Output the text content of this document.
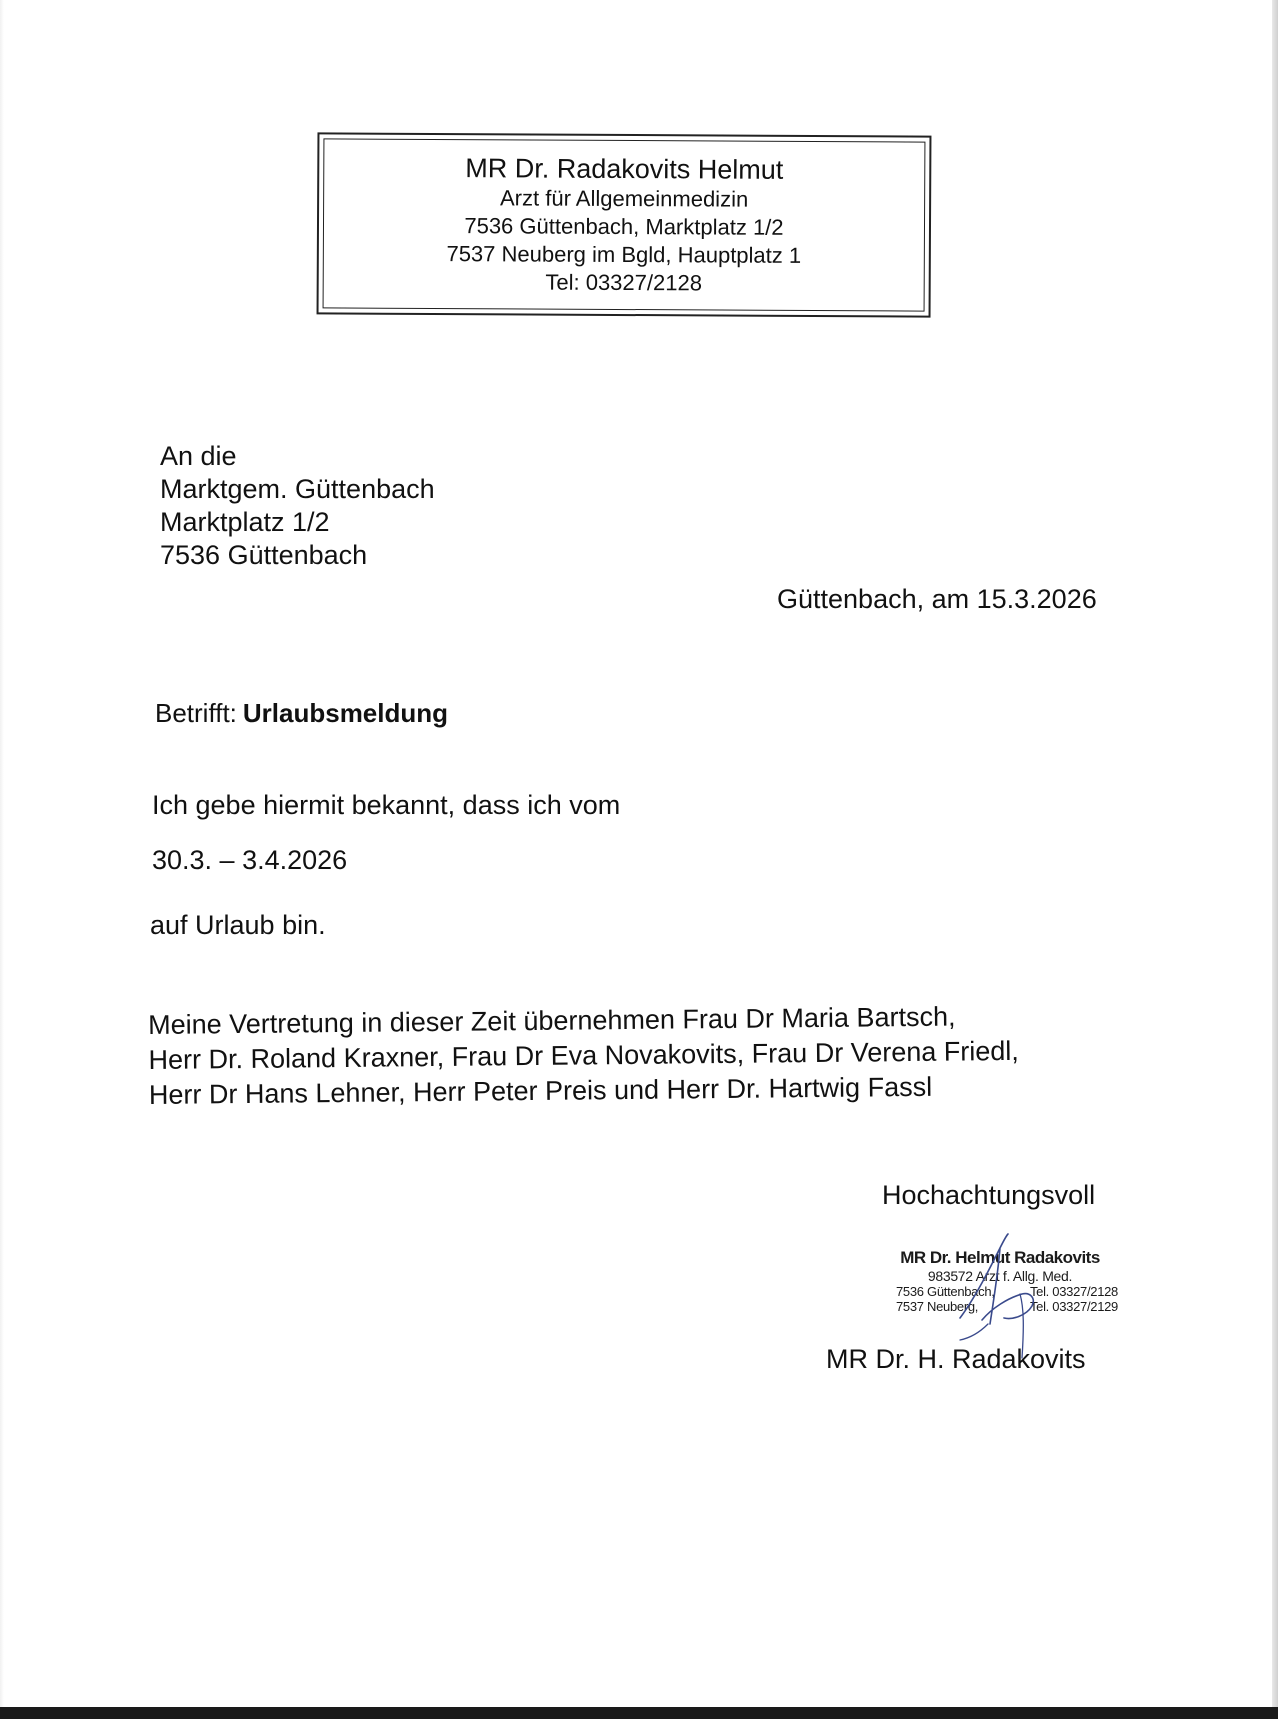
MR Dr. Radakovits Helmut
Arzt für Allgemeinmedizin
7536 Güttenbach, Marktplatz 1/2
7537 Neuberg im Bgld, Hauptplatz 1
Tel: 03327/2128
An die
Marktgem. Güttenbach
Marktplatz 1/2
7536 Güttenbach
Güttenbach, am 15.3.2026
Betrifft: Urlaubsmeldung
Ich gebe hiermit bekannt, dass ich vom
30.3. – 3.4.2026
auf Urlaub bin.
Meine Vertretung in dieser Zeit übernehmen Frau Dr Maria Bartsch,
Herr Dr. Roland Kraxner, Frau Dr Eva Novakovits, Frau Dr Verena Friedl,
Herr Dr Hans Lehner, Herr Peter Preis und Herr Dr. Hartwig Fassl
Hochachtungsvoll
MR Dr. Helmut Radakovits
983572 Arzt f. Allg. Med.
7536 Güttenbach,	Tel. 03327/2128
7537 Neuberg,	Tel. 03327/2129
MR Dr. H. Radakovits
